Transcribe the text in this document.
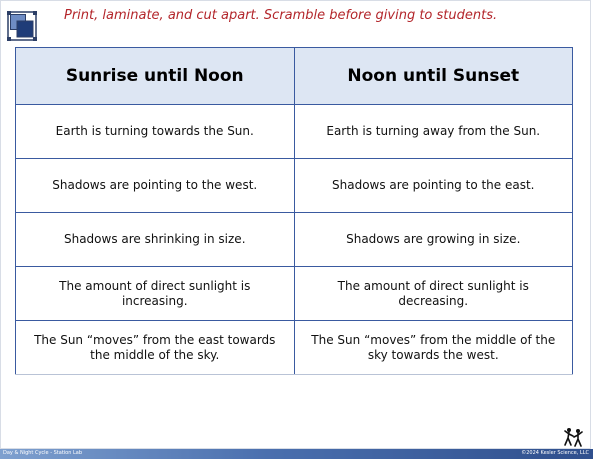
Print, laminate, and cut apart. Scramble before giving to students.
Sunrise until Noon	Noon until Sunset
Earth is turning towards the Sun.	Earth is turning away from the Sun.
Shadows are pointing to the west.	Shadows are pointing to the east.
Shadows are shrinking in size.	Shadows are growing in size.
The amount of direct sunlight is increasing.	The amount of direct sunlight is decreasing.
The Sun “moves” from the east towards the middle of the sky.	The Sun “moves” from the middle of the sky towards the west.
Day & Night Cycle - Station Lab	©2024 Kesler Science, LLC
